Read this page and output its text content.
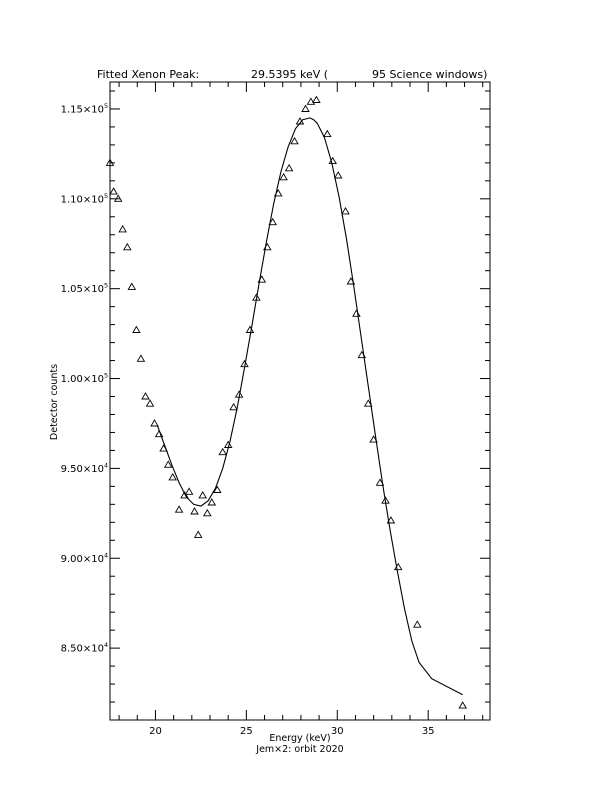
Fitted Xenon Peak:	29.5395 keV (	95 Science windows)
8.50×10 4
9.00×10 4
9.50×10 4
1.00×10 5
1.05×10 5
1.10×10 5
1.15×10 5
20	25	30	35
Energy (keV)
Jem×2: orbit 2020
Detector counts
